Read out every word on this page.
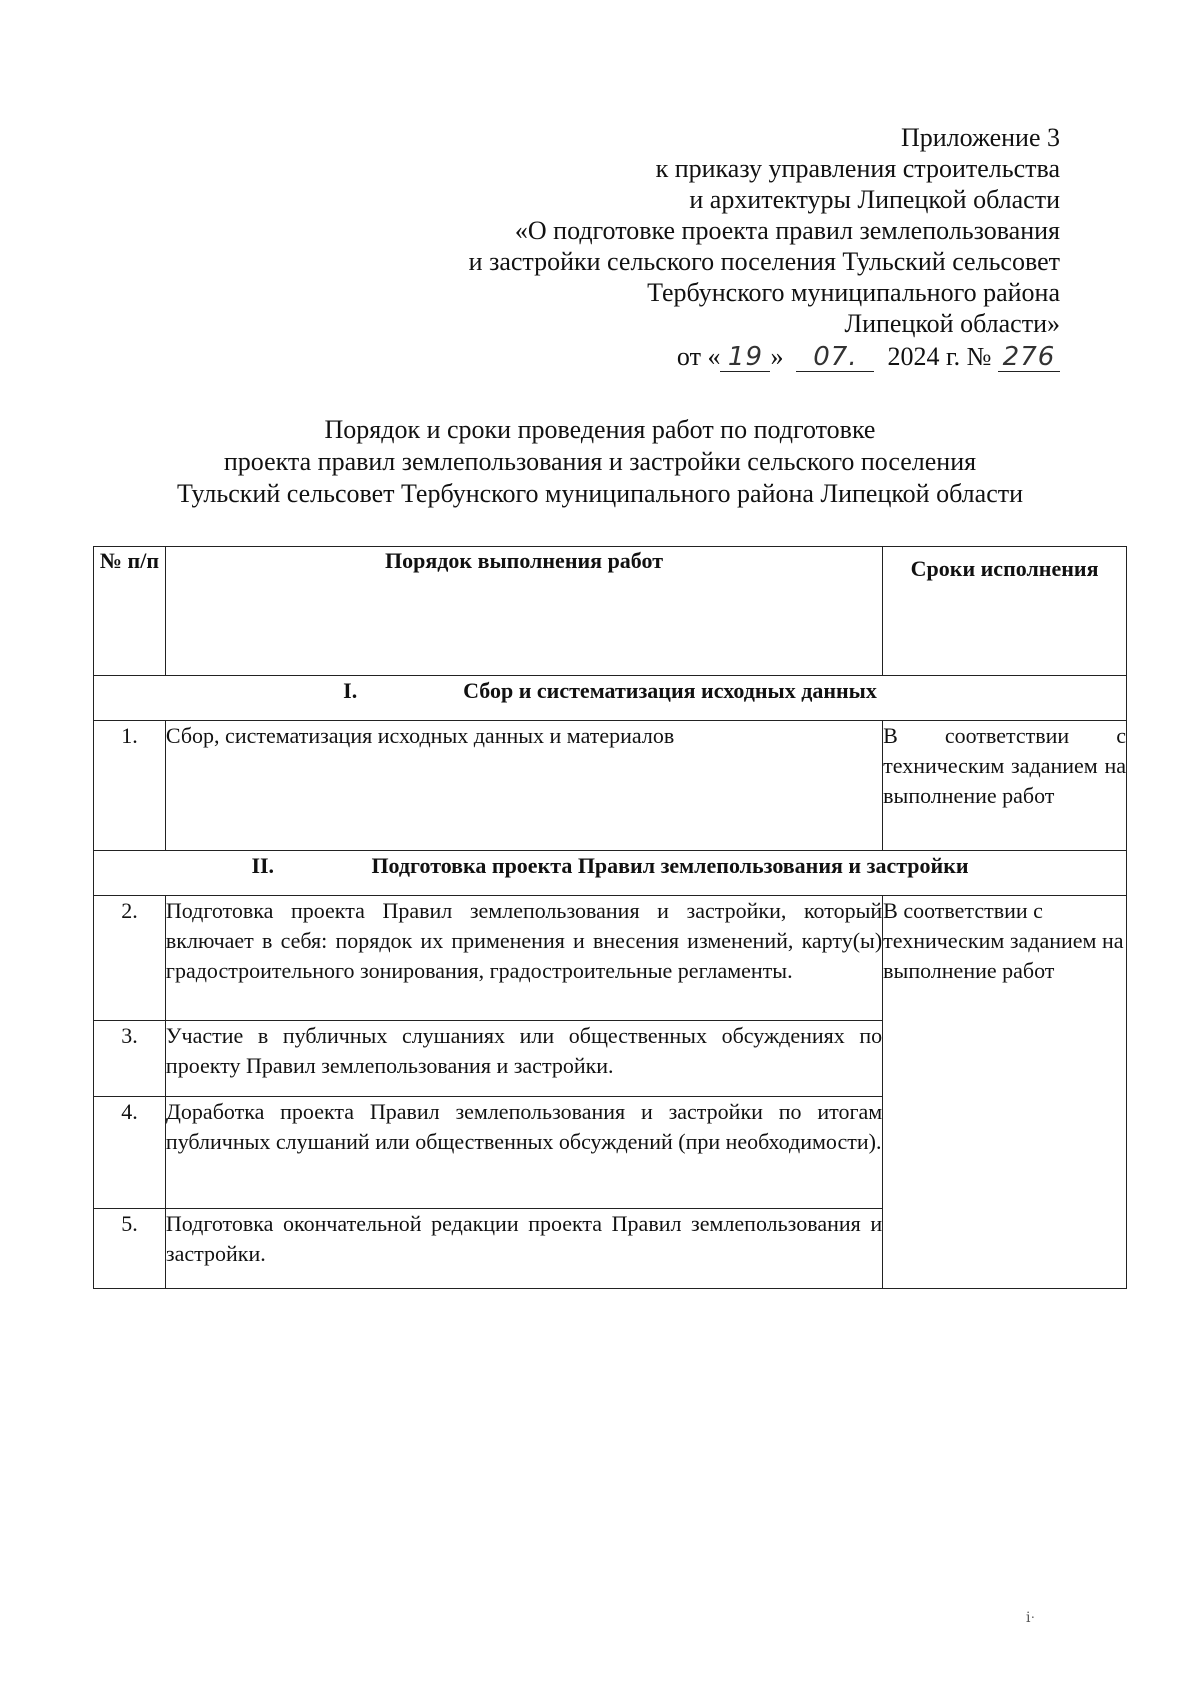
Приложение 3
к приказу управления строительства
и архитектуры Липецкой области
«О подготовке проекта правил землепользования
и застройки сельского поселения Тульский сельсовет
Тербунского муниципального района
Липецкой области»
от « 19 » 07. 2024 г. № 276
Порядок и сроки проведения работ по подготовке
проекта правил землепользования и застройки сельского поселения
Тульский сельсовет Тербунского муниципального района Липецкой области
№ п/п	Порядок выполнения работ	Сроки исполнения
I. Сбор и систематизация исходных данных		
1.	Сбор, систематизация исходных данных и материалов	В соответствии с техническим заданием на выполнение работ
II. Подготовка проекта Правил землепользования и застройки		
2.	Подготовка проекта Правил землепользования и застройки, который включает в себя: порядок их применения и внесения изменений, карту(ы) градостроительного зонирования, градостроительные регламенты.	В соответствии с техническим заданием на выполнение работ
3.	Участие в публичных слушаниях или общественных обсуждениях по проекту Правил землепользования и застройки.	
4.	Доработка проекта Правил землепользования и застройки по итогам публичных слушаний или общественных обсуждений (при необходимости).	
5.	Подготовка окончательной редакции проекта Правил землепользования и застройки.	
ⅰ·
